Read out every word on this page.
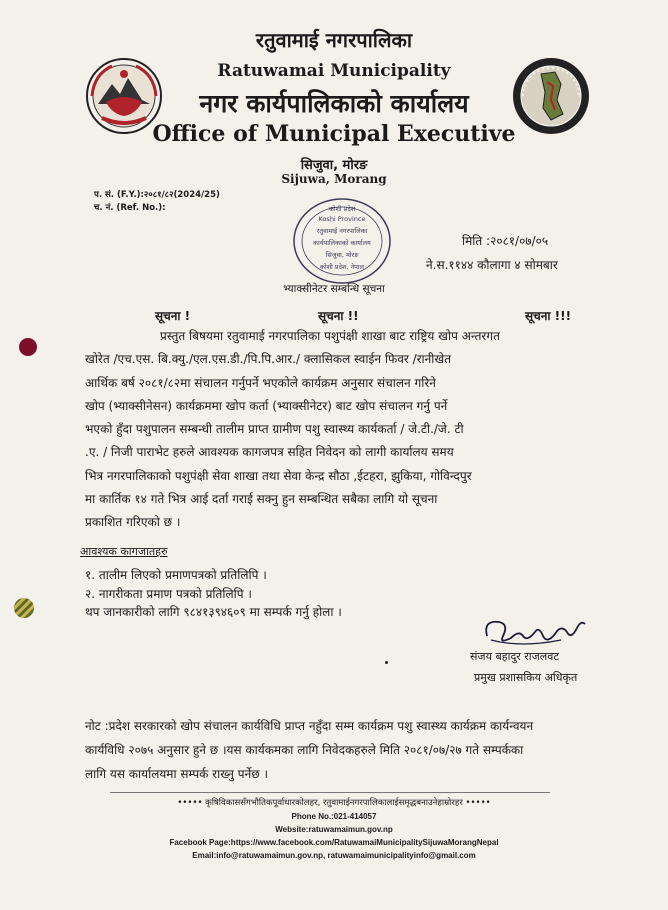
रतुवामाई नगरपालिका
Ratuwamai Municipality
नगर कार्यपालिकाको कार्यालय
Office of Municipal Executive
सिजुवा, मोरङ
Sijuwa, Morang
प. सं. (F.Y.):२०८१/८२(2024/25)
च. नं. (Ref. No.):	कोशी प्रदेश
Koshi Province
रतुवामाई नगरपालिका
कार्यपालिकाको कार्यालय
सिजुवा, मोरङ
कोशी प्रदेश, नेपाल
मिति :२०८१/०७/०५
ने.स.११४४ कौलागा ४ सोमबार
भ्याक्सीनेटर सम्बन्धि सूचना
सूचना !	सूचना !!	सूचना !!!
प्रस्तुत बिषयमा रतुवामाई नगरपालिका पशुपंक्षी शाखा बाट राष्ट्रिय खोप अन्तरगत
खोरेत /एच.एस. बि.क्यु./एल.एस.डी./पि.पि.आर./ क्लासिकल स्वाईन फिवर /रानीखेत
आर्थिक बर्ष २०८१/८२मा संचालन गर्नुपर्ने भएकोले कार्यक्रम अनुसार संचालन गरिने
खोप (भ्याक्सीनेसन) कार्यक्रममा खोप कर्ता (भ्याक्सीनेटर) बाट खोप संचालन गर्नु पर्ने
भएको हुँदा पशुपालन सम्बन्धी तालीम प्राप्त ग्रामीण पशु स्वास्थ्य कार्यकर्ता / जे.टी./जे. टी
.ए. / निजी पाराभेट हरुले आवश्यक कागजपत्र सहित निवेदन को लागी कार्यालय समय
भित्र नगरपालिकाको पशुपंक्षी सेवा शाखा तथा सेवा केन्द्र सौठा ,ईटहरा, झुकिया, गोविन्दपुर
मा कार्तिक १४ गते भित्र आई दर्ता गराई सक्नु हुन सम्बन्धित सबैका लागि यो सूचना
प्रकाशित गरिएको छ ।
आवश्यक कागजातहरु
१. तालीम लिएको प्रमाणपत्रको प्रतिलिपि ।
२. नागरीकता प्रमाण पत्रको प्रतिलिपि ।
थप जानकारीको लागि ९८४१३९४६०९ मा सम्पर्क गर्नु होला ।
संजय बहादुर राजलवट
प्रमुख प्रशासकिय अधिकृत
नोट :प्रदेश सरकारको खोप संचालन कार्यविधि प्राप्त नहुँदा सम्म कार्यक्रम पशु स्वास्थ्य कार्यक्रम कार्यन्वयन
कार्यविधि २०७५ अनुसार हुने छ ।यस कार्यकमका लागि निवेदकहरुले मिति २०८१/०७/२७ गते सम्पर्कका
लागि यस कार्यालयमा सम्पर्क राख्नु पर्नेछ ।
••••• कृषिविकाससँगभौतिकपूर्वाधारकोलहर, रतुवामाईनगरपालिकालाईसमृद्धबनाउनेहाम्रोरहर •••••
Phone No.:021-414057
Website:ratuwamaimun.gov.np
Facebook Page:https://www.facebook.com/RatuwamaiMunicipalitySijuwaMorangNepal
Email:info@ratuwamaimun.gov.np, ratuwamaimunicipalityinfo@gmail.com
